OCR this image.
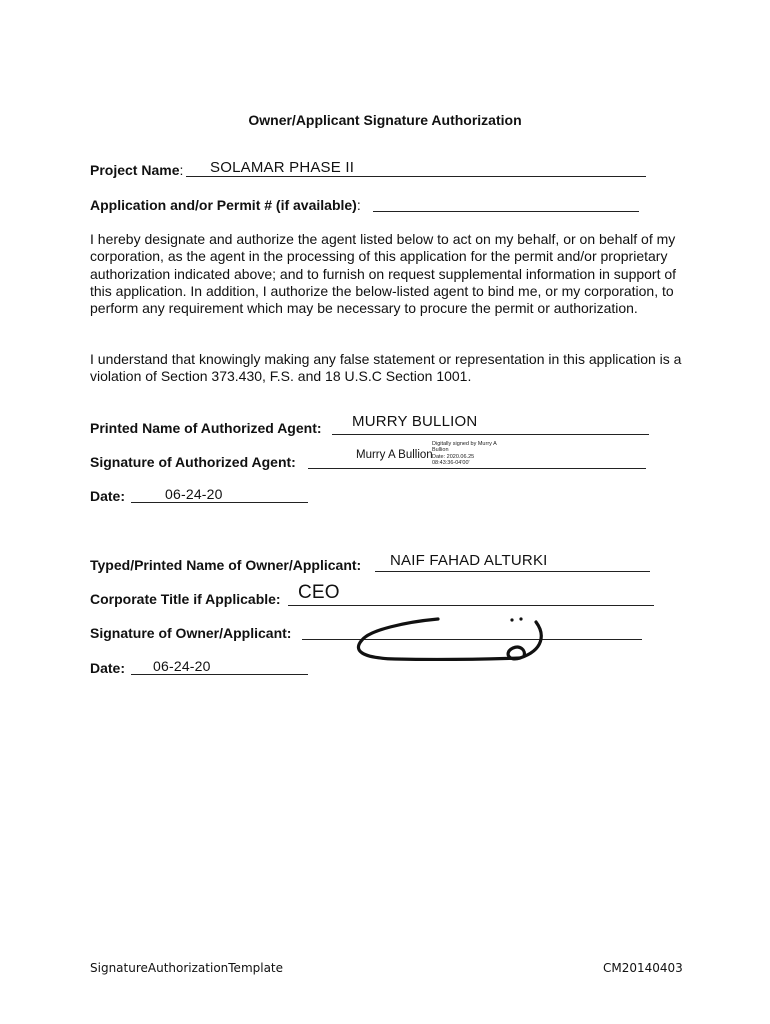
Owner/Applicant Signature Authorization
Project Name: SOLAMAR PHASE II
Application and/or Permit # (if available):
I hereby designate and authorize the agent listed below to act on my behalf, or on behalf of my corporation, as the agent in the processing of this application for the permit and/or proprietary authorization indicated above; and to furnish on request supplemental information in support of this application. In addition, I authorize the below-listed agent to bind me, or my corporation, to perform any requirement which may be necessary to procure the permit or authorization.
I understand that knowingly making any false statement or representation in this application is a violation of Section 373.430, F.S. and 18 U.S.C Section 1001.
Printed Name of Authorized Agent: MURRY BULLION
Signature of Authorized Agent:	Murry A Bullion
Digitally signed by Murry A
Bullion
Date: 2020.06.25
08:43:36-04'00'
Date:	06-24-20
Typed/Printed Name of Owner/Applicant: NAIF FAHAD ALTURKI
Corporate Title if Applicable: CEO
Signature of Owner/Applicant:
Date: 06-24-20
SignatureAuthorizationTemplate	CM20140403
